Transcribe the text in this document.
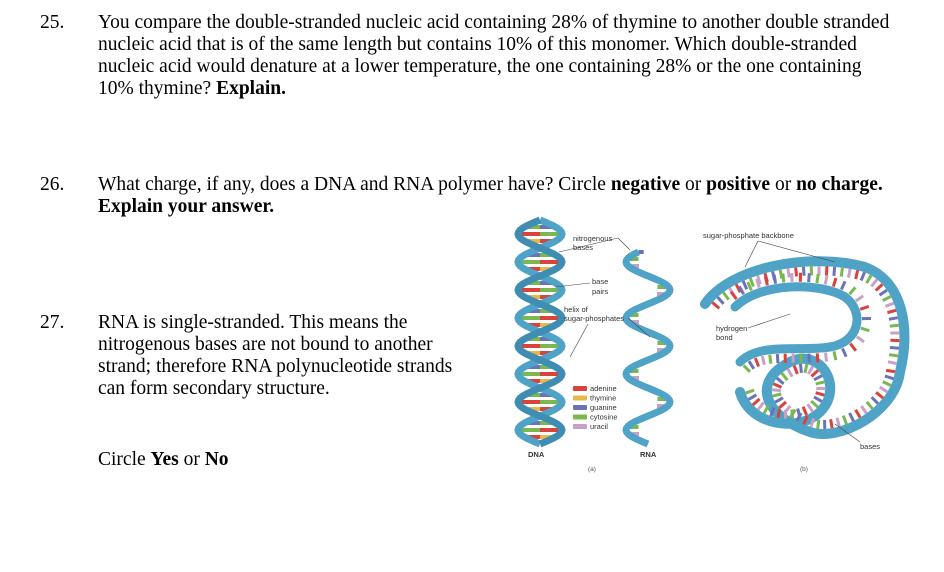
25. You compare the double-stranded nucleic acid containing 28% of thymine to another double stranded nucleic acid that is of the same length but contains 10% of this monomer. Which double-stranded nucleic acid would denature at a lower temperature, the one containing 28% or the one containing 10% thymine? Explain.
26. What charge, if any, does a DNA and RNA polymer have? Circle negative or positive or no charge. Explain your answer.
27. RNA is single-stranded. This means the nitrogenous bases are not bound to another strand; therefore RNA polynucleotide strands can form secondary structure.
Circle Yes or No
nitrogenous
bases
base
pairs
helix of
sugar-phosphates
adenine
thymine
guanine
cytosine
uracil
DNA	RNA
(a)
sugar-phosphate backbone
hydrogen
bond
bases
(b)
